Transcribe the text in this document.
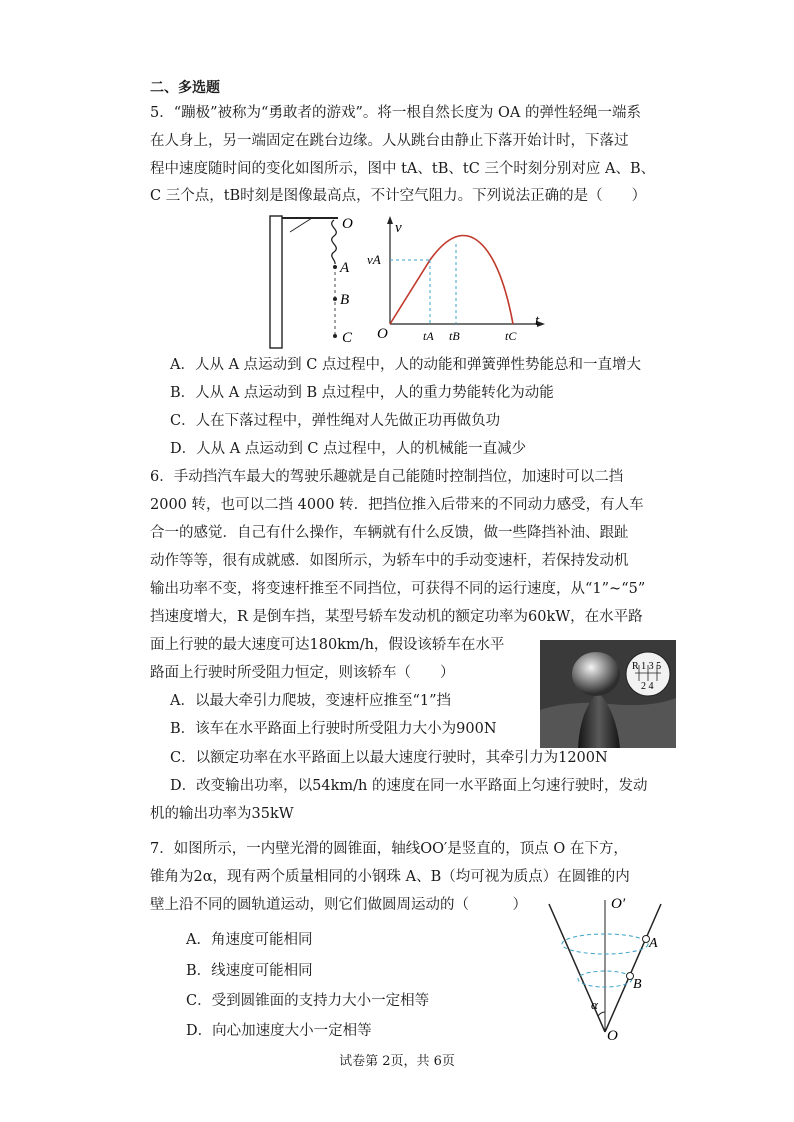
二、多选题
5．“蹦极”被称为“勇敢者的游戏”。将一根自然长度为 OA 的弹性轻绳一端系
在人身上，另一端固定在跳台边缘。人从跳台由静止下落开始计时，下落过
程中速度随时间的变化如图所示，图中 tA、tB、tC 三个时刻分别对应 A、B、
C 三个点，tB时刻是图像最高点，不计空气阻力。下列说法正确的是（　　）
O
A
B
C
v
t
O
vA
tA tB	tC
A．人从 A 点运动到 C 点过程中，人的动能和弹簧弹性势能总和一直增大
B．人从 A 点运动到 B 点过程中，人的重力势能转化为动能
C．人在下落过程中，弹性绳对人先做正功再做负功
D．人从 A 点运动到 C 点过程中，人的机械能一直减少
6．手动挡汽车最大的驾驶乐趣就是自己能随时控制挡位，加速时可以二挡
2000 转，也可以二挡 4000 转．把挡位推入后带来的不同动力感受，有人车
合一的感觉．自己有什么操作，车辆就有什么反馈，做一些降挡补油、跟趾
动作等等，很有成就感．如图所示，为轿车中的手动变速杆，若保持发动机
输出功率不变，将变速杆推至不同挡位，可获得不同的运行速度，从“1”~“5”
挡速度增大，R 是倒车挡，某型号轿车发动机的额定功率为60kW，在水平路
面上行驶的最大速度可达180km/h，假设该轿车在水平
路面上行驶时所受阻力恒定，则该轿车（　　）	R 1 3 5
2 4
A．以最大牵引力爬坡，变速杆应推至“1”挡
B．该车在水平路面上行驶时所受阻力大小为900N
C．以额定功率在水平路面上以最大速度行驶时，其牵引力为1200N
D．改变输出功率，以54km/h 的速度在同一水平路面上匀速行驶时，发动
机的输出功率为35kW
7．如图所示，一内壁光滑的圆锥面，轴线OO′是竖直的，顶点 O 在下方，
锥角为2α，现有两个质量相同的小钢珠 A、B（均可视为质点）在圆锥的内
壁上沿不同的圆轨道运动，则它们做圆周运动的（　　　）
A．角速度可能相同
B．线速度可能相同
C．受到圆锥面的支持力大小一定相等
D．向心加速度大小一定相等
O′
A
B
α
O
试卷第 2页，共 6页
